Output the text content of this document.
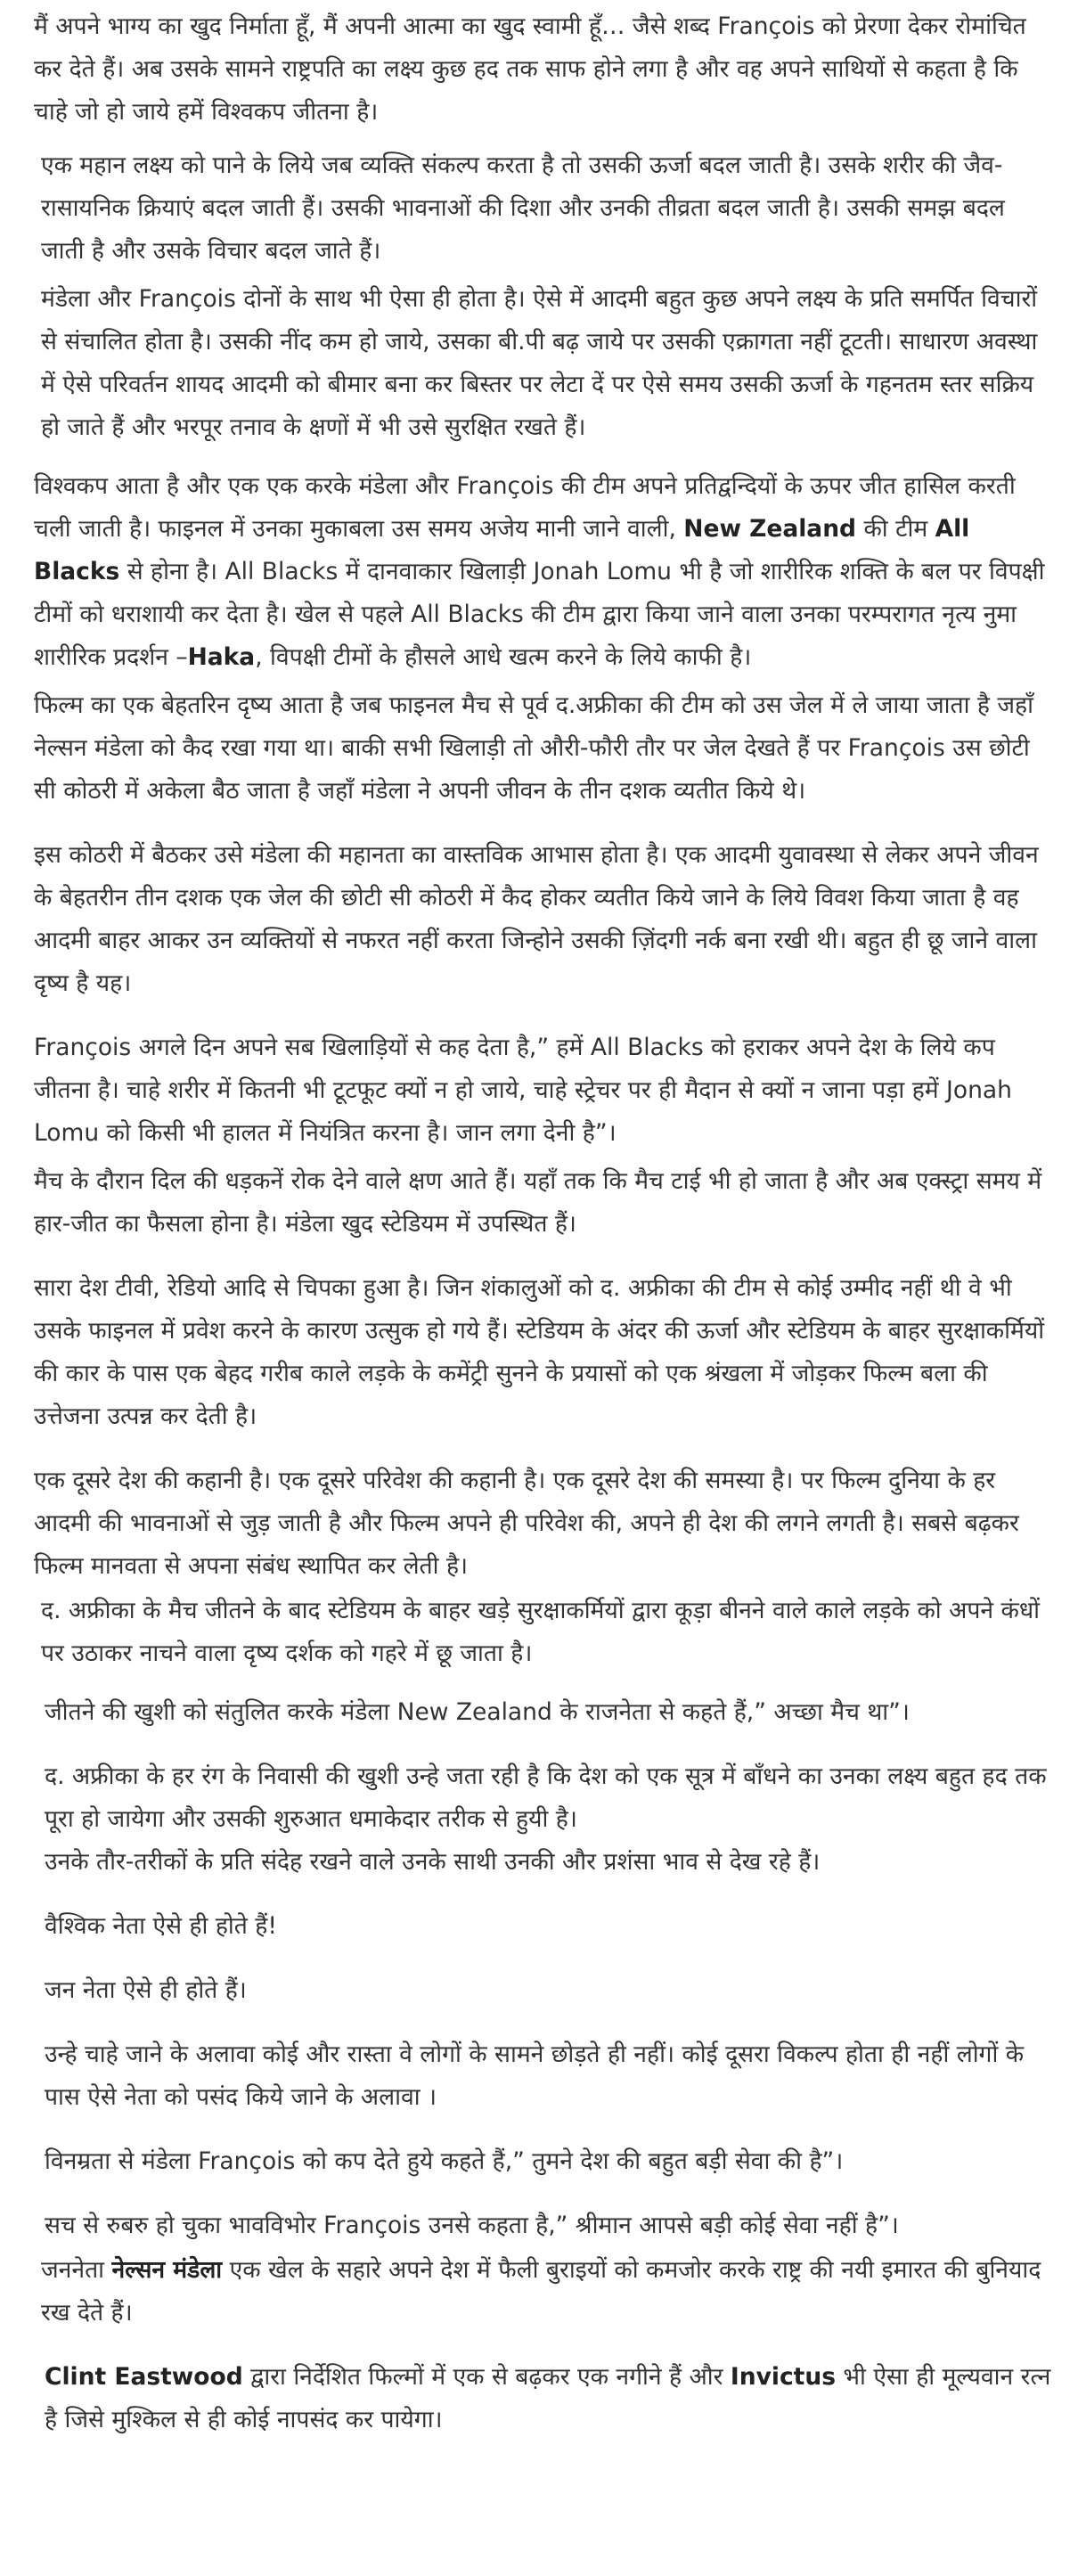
मैं अपने भाग्य का खुद निर्माता हूँ, मैं अपनी आत्मा का खुद स्वामी हूँ… जैसे शब्द François को प्रेरणा देकर रोमांचित कर देते हैं। अब उसके सामने राष्ट्रपति का लक्ष्य कुछ हद तक साफ होने लगा है और वह अपने साथियों से कहता है कि चाहे जो हो जाये हमें विश्वकप जीतना है।

एक महान लक्ष्य को पाने के लिये जब व्यक्ति संकल्प करता है तो उसकी ऊर्जा बदल जाती है। उसके शरीर की जैव-रासायनिक क्रियाएं बदल जाती हैं। उसकी भावनाओं की दिशा और उनकी तीव्रता बदल जाती है। उसकी समझ बदल जाती है और उसके विचार बदल जाते हैं।

मंडेला और François दोनों के साथ भी ऐसा ही होता है। ऐसे में आदमी बहुत कुछ अपने लक्ष्य के प्रति समर्पित विचारों से संचालित होता है। उसकी नींद कम हो जाये, उसका बी.पी बढ़ जाये पर उसकी एक्रागता नहीं टूटती। साधारण अवस्था में ऐसे परिवर्तन शायद आदमी को बीमार बना कर बिस्तर पर लेटा दें पर ऐसे समय उसकी ऊर्जा के गहनतम स्तर सक्रिय हो जाते हैं और भरपूर तनाव के क्षणों में भी उसे सुरक्षित रखते हैं।

विश्वकप आता है और एक एक करके मंडेला और François की टीम अपने प्रतिद्वन्दियों के ऊपर जीत हासिल करती चली जाती है। फाइनल में उनका मुकाबला उस समय अजेय मानी जाने वाली, New Zealand की टीम All Blacks से होना है। All Blacks में दानवाकार खिलाड़ी Jonah Lomu भी है जो शारीरिक शक्ति के बल पर विपक्षी टीमों को धराशायी कर देता है। खेल से पहले All Blacks की टीम द्वारा किया जाने वाला उनका परम्परागत नृत्य नुमा शारीरिक प्रदर्शन –Haka, विपक्षी टीमों के हौसले आधे खत्म करने के लिये काफी है।

फिल्म का एक बेहतरिन दृष्य आता है जब फाइनल मैच से पूर्व द.अफ्रीका की टीम को उस जेल में ले जाया जाता है जहाँ नेल्सन मंडेला को कैद रखा गया था। बाकी सभी खिलाड़ी तो औरी-फौरी तौर पर जेल देखते हैं पर François उस छोटी सी कोठरी में अकेला बैठ जाता है जहाँ मंडेला ने अपनी जीवन के तीन दशक व्यतीत किये थे।

इस कोठरी में बैठकर उसे मंडेला की महानता का वास्तविक आभास होता है। एक आदमी युवावस्था से लेकर अपने जीवन के बेहतरीन तीन दशक एक जेल की छोटी सी कोठरी में कैद होकर व्यतीत किये जाने के लिये विवश किया जाता है वह आदमी बाहर आकर उन व्यक्तियों से नफरत नहीं करता जिन्होने उसकी ज़िंदगी नर्क बना रखी थी। बहुत ही छू जाने वाला दृष्य है यह।

François अगले दिन अपने सब खिलाड़ियों से कह देता है,” हमें All Blacks को हराकर अपने देश के लिये कप जीतना है। चाहे शरीर में कितनी भी टूटफूट क्यों न हो जाये, चाहे स्ट्रेचर पर ही मैदान से क्यों न जाना पड़ा हमें Jonah Lomu को किसी भी हालत में नियंत्रित करना है। जान लगा देनी है”।

मैच के दौरान दिल की धड़कनें रोक देने वाले क्षण आते हैं। यहाँ तक कि मैच टाई भी हो जाता है और अब एक्स्ट्रा समय में हार-जीत का फैसला होना है। मंडेला खुद स्टेडियम में उपस्थित हैं।

सारा देश टीवी, रेडियो आदि से चिपका हुआ है। जिन शंकालुओं को द. अफ्रीका की टीम से कोई उम्मीद नहीं थी वे भी उसके फाइनल में प्रवेश करने के कारण उत्सुक हो गये हैं। स्टेडियम के अंदर की ऊर्जा और स्टेडियम के बाहर सुरक्षाकर्मियों की कार के पास एक बेहद गरीब काले लड़के के कमेंट्री सुनने के प्रयासों को एक श्रंखला में जोड़कर फिल्म बला की उत्तेजना उत्पन्न कर देती है।

एक दूसरे देश की कहानी है। एक दूसरे परिवेश की कहानी है। एक दूसरे देश की समस्या है। पर फिल्म दुनिया के हर आदमी की भावनाओं से जुड़ जाती है और फिल्म अपने ही परिवेश की, अपने ही देश की लगने लगती है। सबसे बढ़कर फिल्म मानवता से अपना संबंध स्थापित कर लेती है।

द. अफ्रीका के मैच जीतने के बाद स्टेडियम के बाहर खड़े सुरक्षाकर्मियों द्वारा कूड़ा बीनने वाले काले लड़के को अपने कंधों पर उठाकर नाचने वाला दृष्य दर्शक को गहरे में छू जाता है।

जीतने की खुशी को संतुलित करके मंडेला New Zealand के राजनेता से कहते हैं,” अच्छा मैच था”।

द. अफ्रीका के हर रंग के निवासी की खुशी उन्हे जता रही है कि देश को एक सूत्र में बाँधने का उनका लक्ष्य बहुत हद तक पूरा हो जायेगा और उसकी शुरुआत धमाकेदार तरीक से हुयी है।

उनके तौर-तरीकों के प्रति संदेह रखने वाले उनके साथी उनकी और प्रशंसा भाव से देख रहे हैं।

वैश्विक नेता ऐसे ही होते हैं!

जन नेता ऐसे ही होते हैं।

उन्हे चाहे जाने के अलावा कोई और रास्ता वे लोगों के सामने छोड़ते ही नहीं। कोई दूसरा विकल्प होता ही नहीं लोगों के पास ऐसे नेता को पसंद किये जाने के अलावा ।

विनम्रता से मंडेला François को कप देते हुये कहते हैं,” तुमने देश की बहुत बड़ी सेवा की है”।

सच से रुबरु हो चुका भावविभोर François उनसे कहता है,” श्रीमान आपसे बड़ी कोई सेवा नहीं है”।

जननेता नेल्सन मंडेला एक खेल के सहारे अपने देश में फैली बुराइयों को कमजोर करके राष्ट्र की नयी इमारत की बुनियाद रख देते हैं।

Clint Eastwood द्वारा निर्देशित फिल्मों में एक से बढ़कर एक नगीने हैं और Invictus भी ऐसा ही मूल्यवान रत्न है जिसे मुश्किल से ही कोई नापसंद कर पायेगा।
